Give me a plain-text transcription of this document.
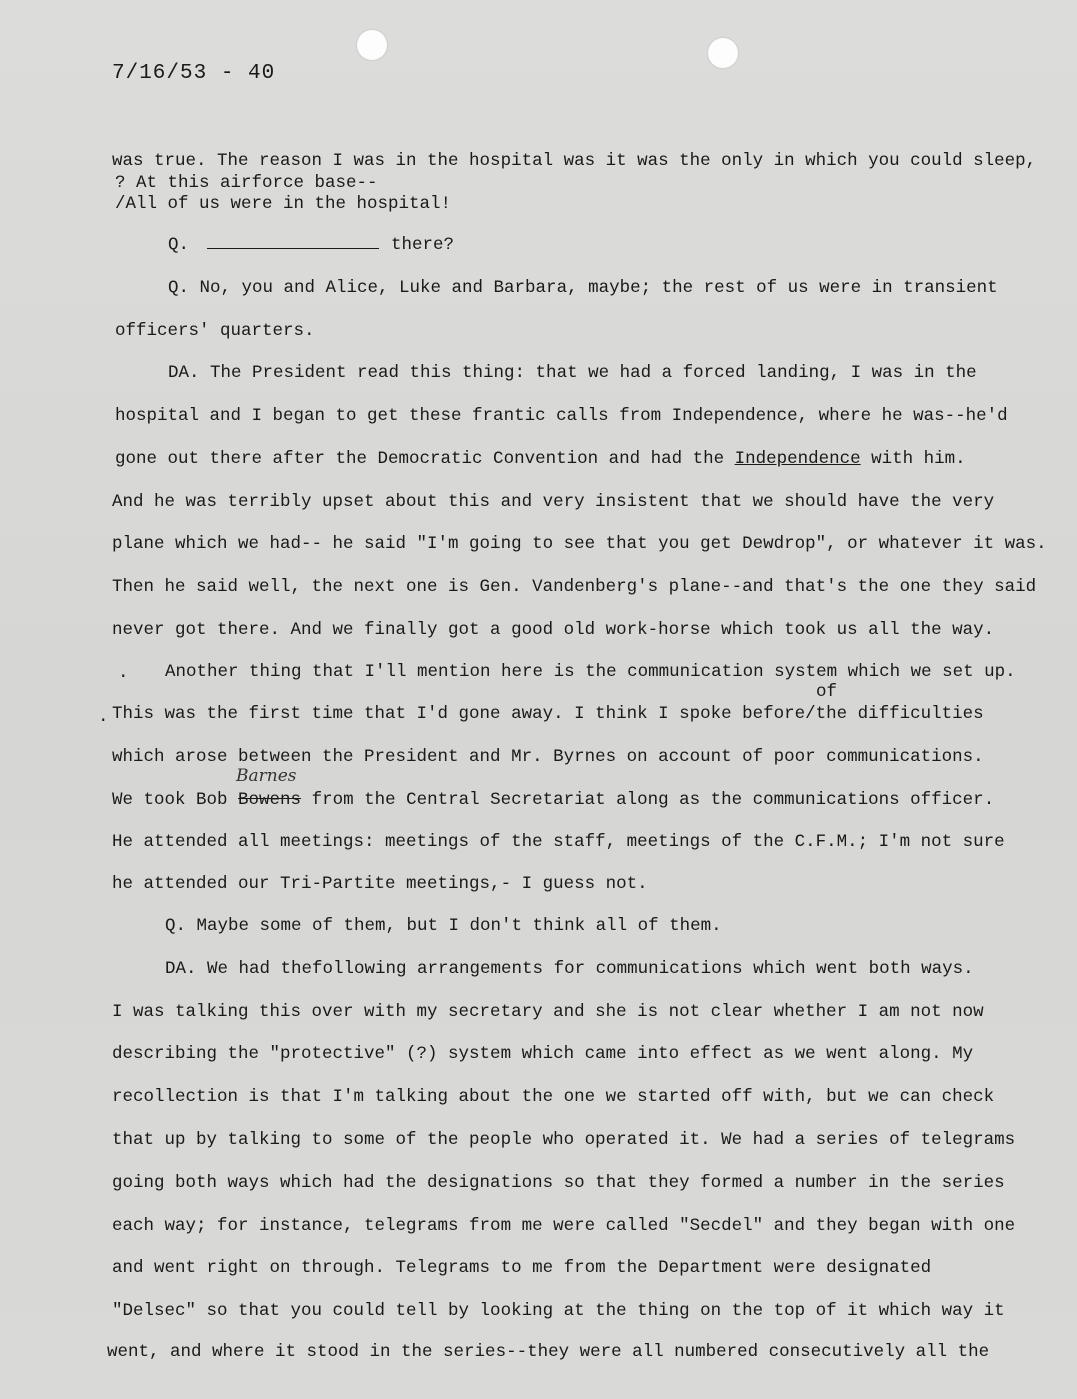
7/16/53 - 40
was true. The reason I was in the hospital was it was the only in which you could sleep,
? At this airforce base--
/All of us were in the hospital!
Q.	there?
Q. No, you and Alice, Luke and Barbara, maybe; the rest of us were in transient
officers' quarters.
DA. The President read this thing: that we had a forced landing, I was in the
hospital and I began to get these frantic calls from Independence, where he was--he'd
gone out there after the Democratic Convention and had the Independence with him.
And he was terribly upset about this and very insistent that we should have the very
plane which we had-- he said "I'm going to see that you get Dewdrop", or whatever it was.
Then he said well, the next one is Gen. Vandenberg's plane--and that's the one they said
never got there. And we finally got a good old work-horse which took us all the way.
. Another thing that I'll mention here is the communication system which we set up.
of
. This was the first time that I'd gone away. I think I spoke before/the difficulties
which arose between the President and Mr. Byrnes on account of poor communications.
Barnes
We took Bob Bowens from the Central Secretariat along as the communications officer.
He attended all meetings: meetings of the staff, meetings of the C.F.M.; I'm not sure
he attended our Tri-Partite meetings,- I guess not.
Q. Maybe some of them, but I don't think all of them.
DA. We had thefollowing arrangements for communications which went both ways.
I was talking this over with my secretary and she is not clear whether I am not now
describing the "protective" (?) system which came into effect as we went along. My
recollection is that I'm talking about the one we started off with, but we can check
that up by talking to some of the people who operated it. We had a series of telegrams
going both ways which had the designations so that they formed a number in the series
each way; for instance, telegrams from me were called "Secdel" and they began with one
and went right on through. Telegrams to me from the Department were designated
"Delsec" so that you could tell by looking at the thing on the top of it which way it
went, and where it stood in the series--they were all numbered consecutively all the
